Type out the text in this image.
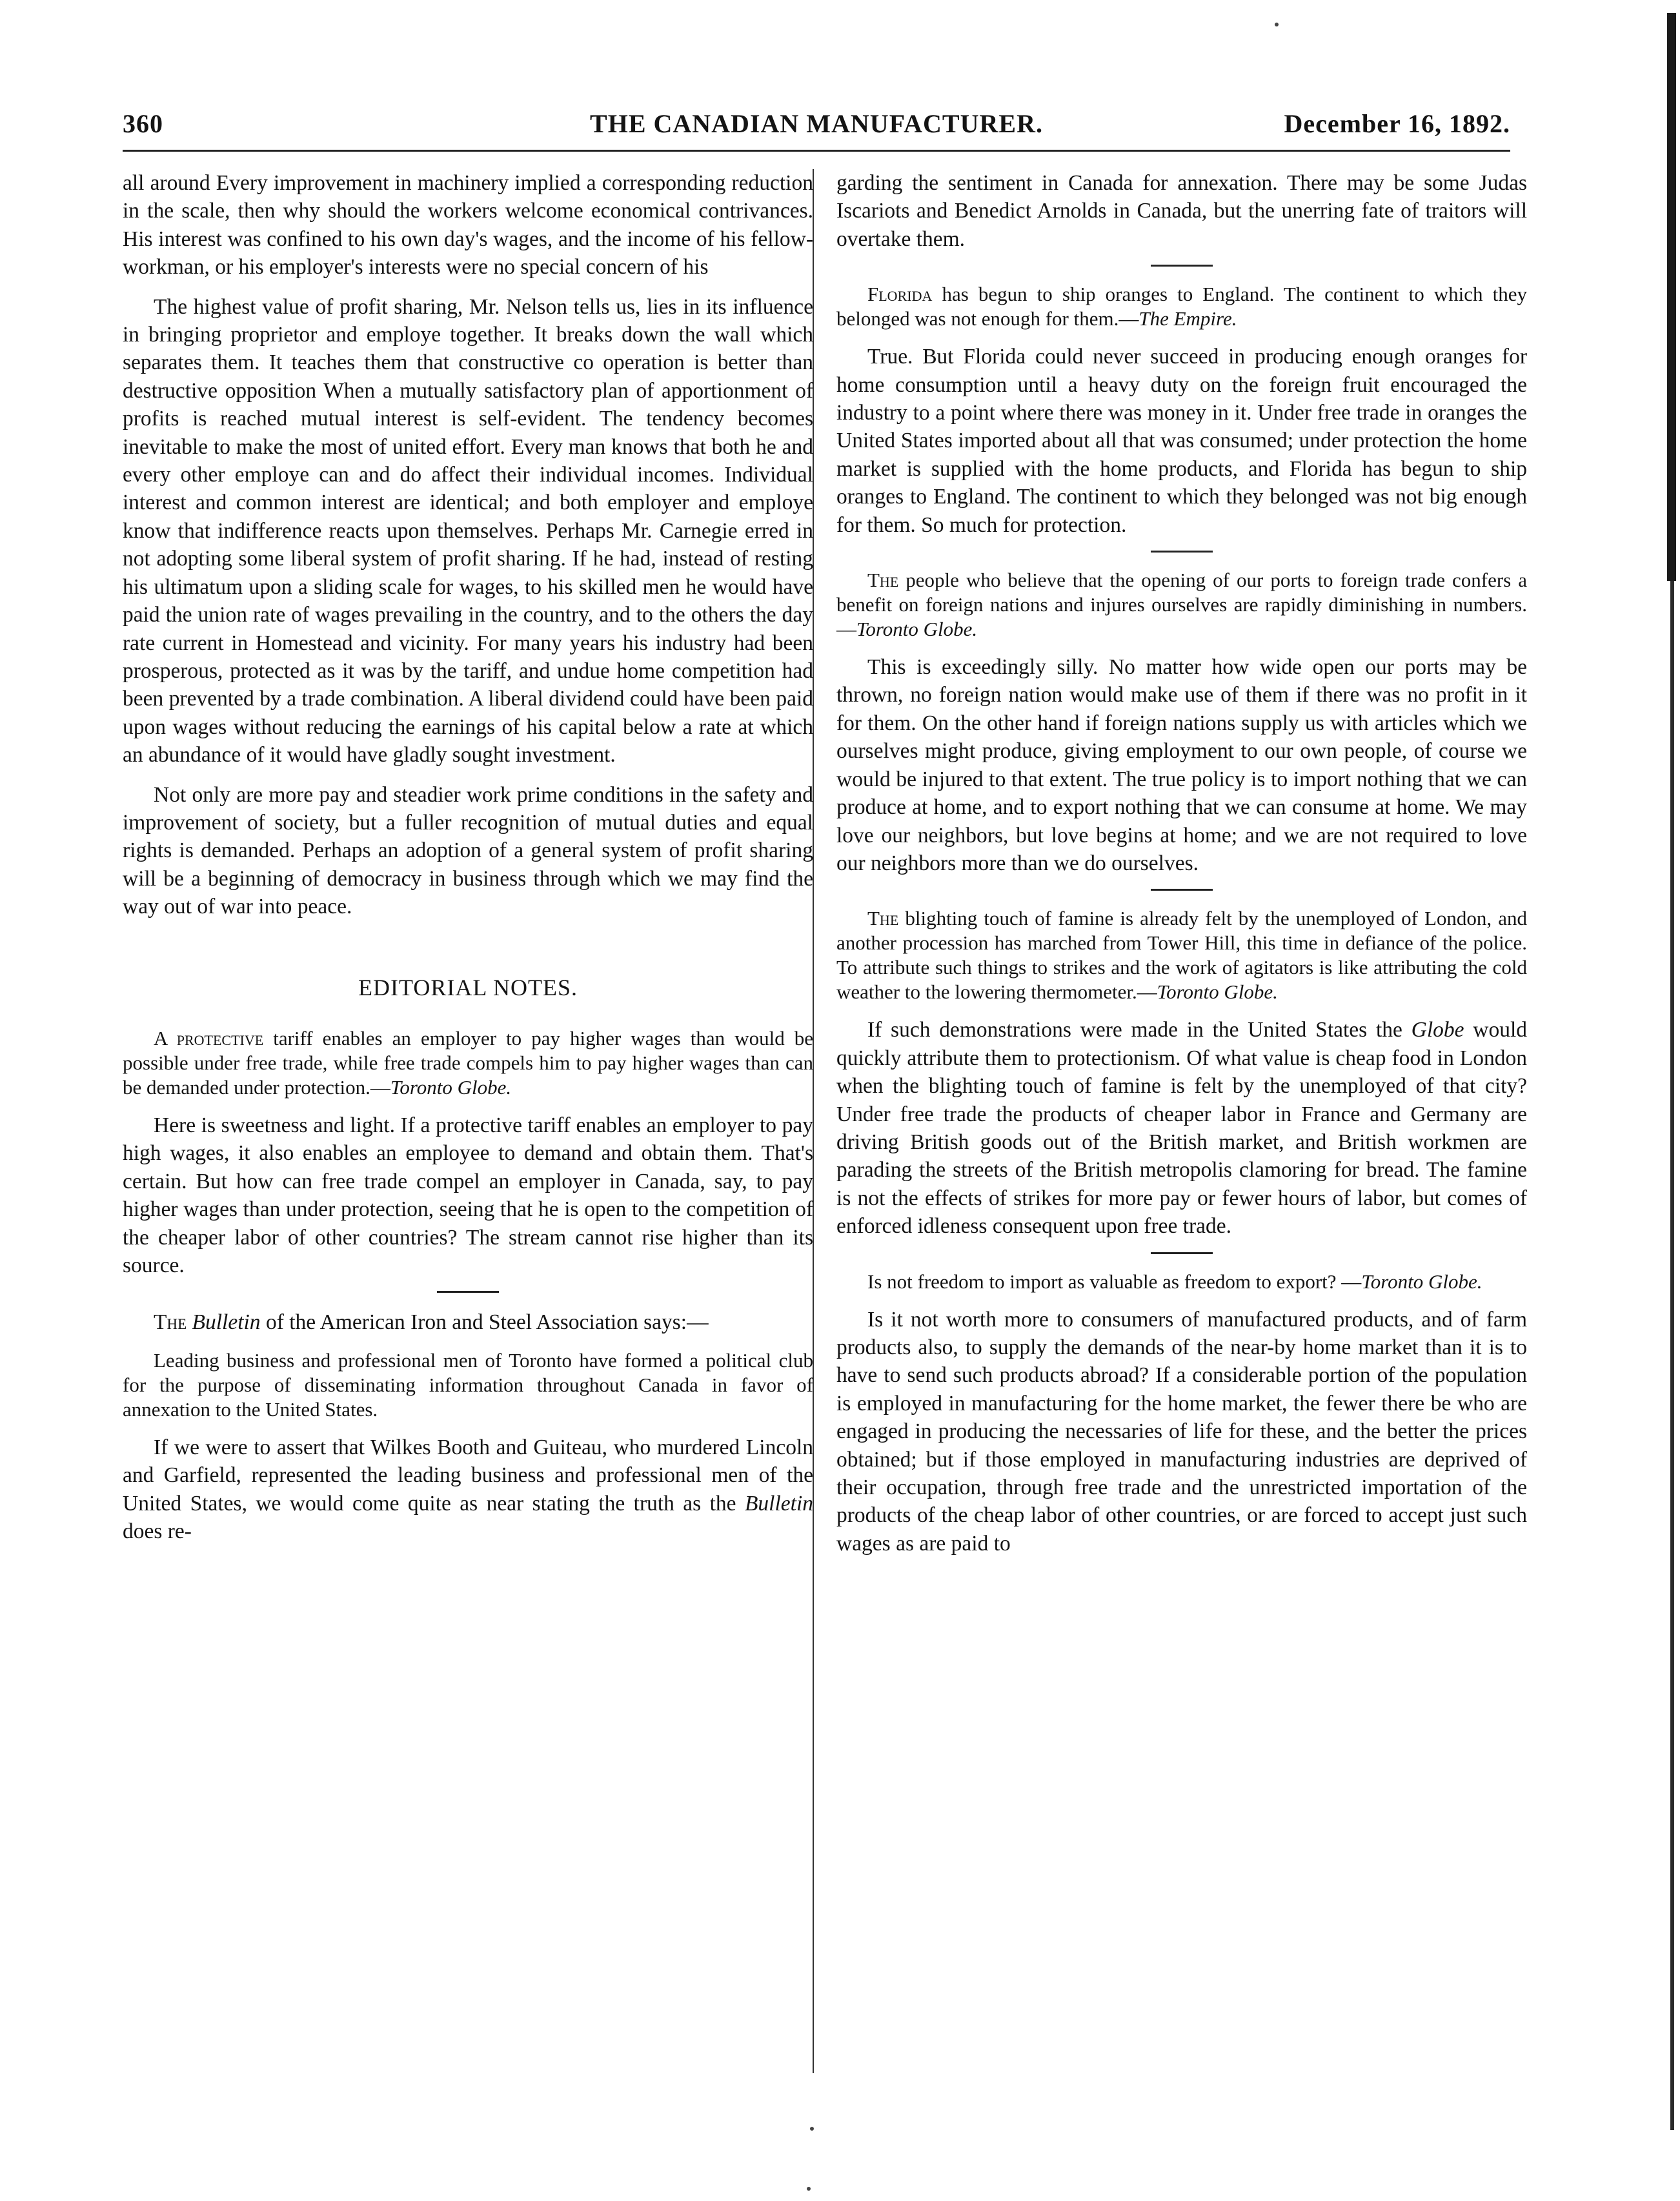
360	THE CANADIAN MANUFACTURER.	December 16, 1892.

all around Every improvement in machinery implied a corresponding reduction in the scale, then why should the workers welcome economical contrivances. His interest was confined to his own day's wages, and the income of his fellow-workman, or his employer's interests were no special concern of his

The highest value of profit sharing, Mr. Nelson tells us, lies in its influence in bringing proprietor and employe together. It breaks down the wall which separates them. It teaches them that constructive co operation is better than destructive opposition When a mutually satisfactory plan of apportionment of profits is reached mutual interest is self-evident. The tendency becomes inevitable to make the most of united effort. Every man knows that both he and every other employe can and do affect their individual incomes. Individual interest and common interest are identical; and both employer and employe know that indifference reacts upon themselves. Perhaps Mr. Carnegie erred in not adopting some liberal system of profit sharing. If he had, instead of resting his ultimatum upon a sliding scale for wages, to his skilled men he would have paid the union rate of wages prevailing in the country, and to the others the day rate current in Homestead and vicinity. For many years his industry had been prosperous, protected as it was by the tariff, and undue home competition had been prevented by a trade combination. A liberal dividend could have been paid upon wages without reducing the earnings of his capital below a rate at which an abundance of it would have gladly sought investment.

Not only are more pay and steadier work prime conditions in the safety and improvement of society, but a fuller recognition of mutual duties and equal rights is demanded. Perhaps an adoption of a general system of profit sharing will be a beginning of democracy in business through which we may find the way out of war into peace.

EDITORIAL NOTES.

A protective tariff enables an employer to pay higher wages than would be possible under free trade, while free trade compels him to pay higher wages than can be demanded under protection.—Toronto Globe.

Here is sweetness and light. If a protective tariff enables an employer to pay high wages, it also enables an employee to demand and obtain them. That's certain. But how can free trade compel an employer in Canada, say, to pay higher wages than under protection, seeing that he is open to the competition of the cheaper labor of other countries? The stream cannot rise higher than its source.

The Bulletin of the American Iron and Steel Association says:—

Leading business and professional men of Toronto have formed a political club for the purpose of disseminating information throughout Canada in favor of annexation to the United States.

If we were to assert that Wilkes Booth and Guiteau, who murdered Lincoln and Garfield, represented the leading business and professional men of the United States, we would come quite as near stating the truth as the Bulletin does re-

garding the sentiment in Canada for annexation. There may be some Judas Iscariots and Benedict Arnolds in Canada, but the unerring fate of traitors will overtake them.

Florida has begun to ship oranges to England. The continent to which they belonged was not enough for them.—The Empire.

True. But Florida could never succeed in producing enough oranges for home consumption until a heavy duty on the foreign fruit encouraged the industry to a point where there was money in it. Under free trade in oranges the United States imported about all that was consumed; under protection the home market is supplied with the home products, and Florida has begun to ship oranges to England. The continent to which they belonged was not big enough for them. So much for protection.

The people who believe that the opening of our ports to foreign trade confers a benefit on foreign nations and injures ourselves are rapidly diminishing in numbers.—Toronto Globe.

This is exceedingly silly. No matter how wide open our ports may be thrown, no foreign nation would make use of them if there was no profit in it for them. On the other hand if foreign nations supply us with articles which we ourselves might produce, giving employment to our own people, of course we would be injured to that extent. The true policy is to import nothing that we can produce at home, and to export nothing that we can consume at home. We may love our neighbors, but love begins at home; and we are not required to love our neighbors more than we do ourselves.

The blighting touch of famine is already felt by the unemployed of London, and another procession has marched from Tower Hill, this time in defiance of the police. To attribute such things to strikes and the work of agitators is like attributing the cold weather to the lowering thermometer.—Toronto Globe.

If such demonstrations were made in the United States the Globe would quickly attribute them to protectionism. Of what value is cheap food in London when the blighting touch of famine is felt by the unemployed of that city? Under free trade the products of cheaper labor in France and Germany are driving British goods out of the British market, and British workmen are parading the streets of the British metropolis clamoring for bread. The famine is not the effects of strikes for more pay or fewer hours of labor, but comes of enforced idleness consequent upon free trade.

Is not freedom to import as valuable as freedom to export? —Toronto Globe.

Is it not worth more to consumers of manufactured products, and of farm products also, to supply the demands of the near-by home market than it is to have to send such products abroad? If a considerable portion of the population is employed in manufacturing for the home market, the fewer there be who are engaged in producing the necessaries of life for these, and the better the prices obtained; but if those employed in manufacturing industries are deprived of their occupation, through free trade and the unrestricted importation of the products of the cheap labor of other countries, or are forced to accept just such wages as are paid to
